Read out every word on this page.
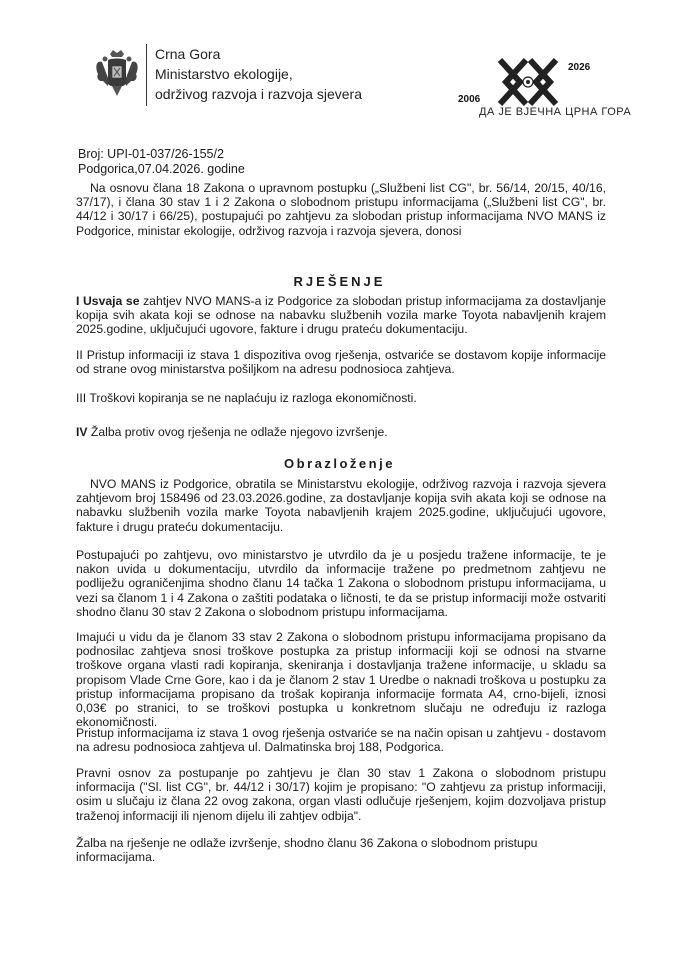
Crna Gora
Ministarstvo ekologije,
održivog razvoja i razvoja sjevera	2006
2026
ДА ЈЕ ВЈЕЧНА ЦРНА ГОРА
Broj: UPI-01-037/26-155/2
Podgorica,07.04.2026. godine
Na osnovu člana 18 Zakona o upravnom postupku („Službeni list CG", br. 56/14, 20/15, 40/16, 37/17), i člana 30 stav 1 i 2 Zakona o slobodnom pristupu informacijama („Službeni list CG", br. 44/12 i 30/17 i 66/25), postupajući po zahtjevu za slobodan pristup informacijama NVO MANS iz Podgorice, ministar ekologije, održivog razvoja i razvoja sjevera, donosi
RJEŠENJE
I Usvaja se zahtjev NVO MANS-a iz Podgorice za slobodan pristup informacijama za dostavljanje kopija svih akata koji se odnose na nabavku službenih vozila marke Toyota nabavljenih krajem 2025.godine, uključujući ugovore, fakture i drugu prateću dokumentaciju.
II Pristup informaciji iz stava 1 dispozitiva ovog rješenja, ostvariće se dostavom kopije informacije od strane ovog ministarstva pošiljkom na adresu podnosioca zahtjeva.
III Troškovi kopiranja se ne naplaćuju iz razloga ekonomičnosti.
IV Žalba protiv ovog rješenja ne odlaže njegovo izvršenje.
Obrazloženje
NVO MANS iz Podgorice, obratila se Ministarstvu ekologije, održivog razvoja i razvoja sjevera zahtjevom broj 158496 od 23.03.2026.godine, za dostavljanje kopija svih akata koji se odnose na nabavku službenih vozila marke Toyota nabavljenih krajem 2025.godine, uključujući ugovore, fakture i drugu prateću dokumentaciju.
Postupajući po zahtjevu, ovo ministarstvo je utvrdilo da je u posjedu tražene informacije, te je nakon uvida u dokumentaciju, utvrdilo da informacije tražene po predmetnom zahtjevu ne podliježu ograničenjima shodno članu 14 tačka 1 Zakona o slobodnom pristupu informacijama, u vezi sa članom 1 i 4 Zakona o zaštiti podataka o ličnosti, te da se pristup informaciji može ostvariti shodno članu 30 stav 2 Zakona o slobodnom pristupu informacijama.
Imajući u vidu da je članom 33 stav 2 Zakona o slobodnom pristupu informacijama propisano da podnosilac zahtjeva snosi troškove postupka za pristup informaciji koji se odnosi na stvarne troškove organa vlasti radi kopiranja, skeniranja i dostavljanja tražene informacije, u skladu sa propisom Vlade Crne Gore, kao i da je članom 2 stav 1 Uredbe o naknadi troškova u postupku za pristup informacijama propisano da trošak kopiranja informacije formata A4, crno-bijeli, iznosi 0,03€ po stranici, to se troškovi postupka u konkretnom slučaju ne određuju iz razloga ekonomičnosti.
Pristup informacijama iz stava 1 ovog rješenja ostvariće se na način opisan u zahtjevu - dostavom na adresu podnosioca zahtjeva ul. Dalmatinska broj 188, Podgorica.
Pravni osnov za postupanje po zahtjevu je član 30 stav 1 Zakona o slobodnom pristupu informacija ("Sl. list CG", br. 44/12 i 30/17) kojim je propisano: "O zahtjevu za pristup informaciji, osim u slučaju iz člana 22 ovog zakona, organ vlasti odlučuje rješenjem, kojim dozvoljava pristup traženoj informaciji ili njenom dijelu ili zahtjev odbija".
Žalba na rješenje ne odlaže izvršenje, shodno članu 36 Zakona o slobodnom pristupu informacijama.
